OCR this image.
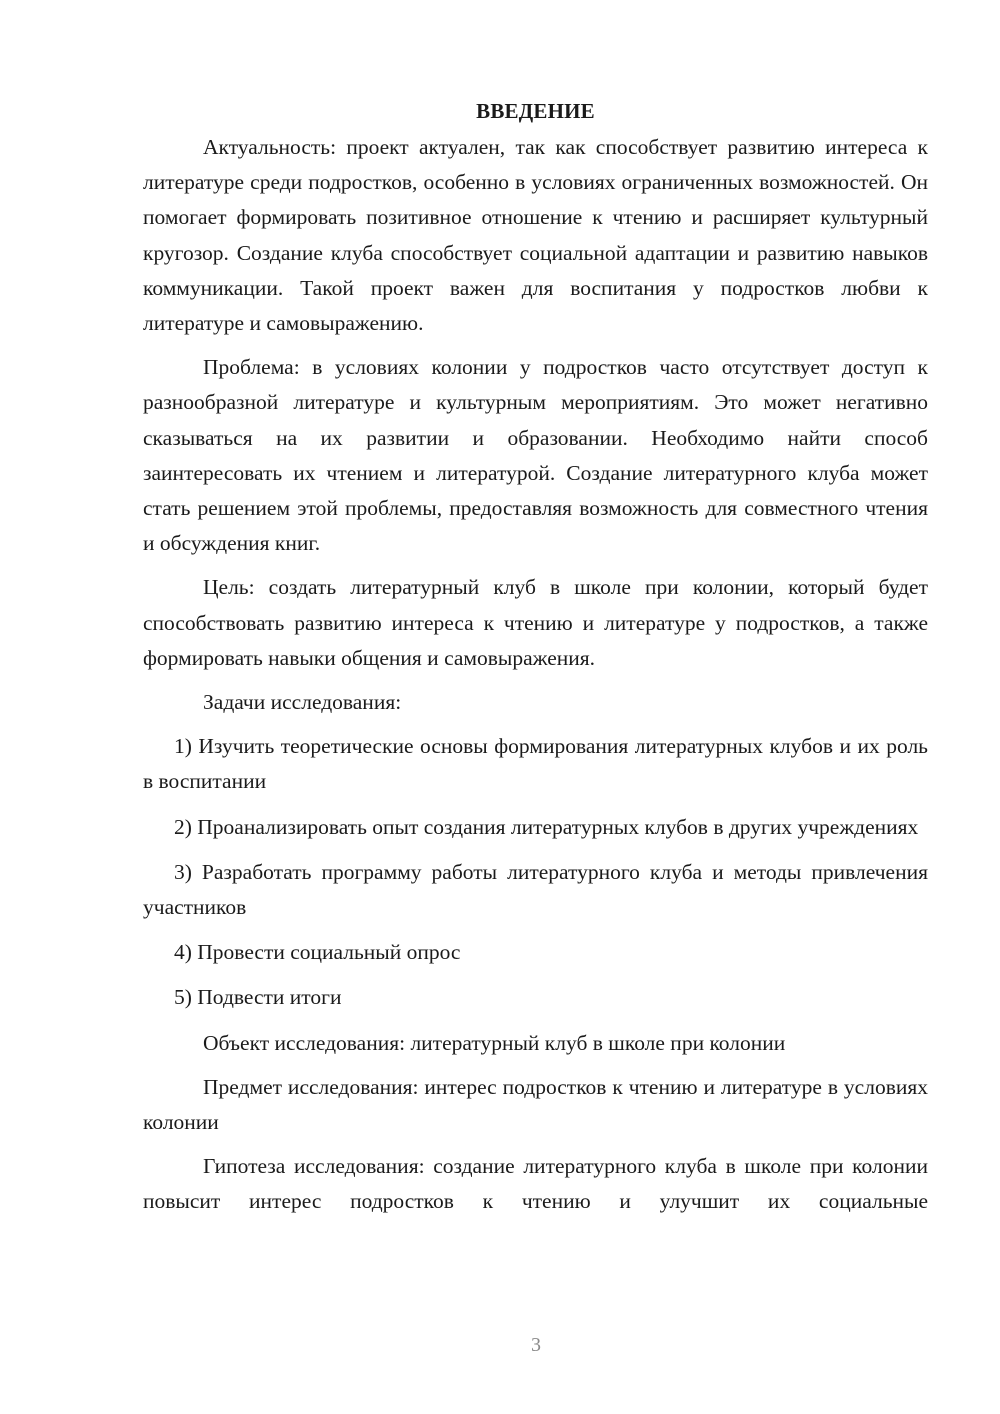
ВВЕДЕНИЕ

Актуальность: проект актуален, так как способствует развитию интереса к литературе среди подростков, особенно в условиях ограниченных возможностей. Он помогает формировать позитивное отношение к чтению и расширяет культурный кругозор. Создание клуба способствует социальной адаптации и развитию навыков коммуникации. Такой проект важен для воспитания у подростков любви к литературе и самовыражению.

Проблема: в условиях колонии у подростков часто отсутствует доступ к разнообразной литературе и культурным мероприятиям. Это может негативно сказываться на их развитии и образовании. Необходимо найти способ заинтересовать их чтением и литературой. Создание литературного клуба может стать решением этой проблемы, предоставляя возможность для совместного чтения и обсуждения книг.

Цель: создать литературный клуб в школе при колонии, который будет способствовать развитию интереса к чтению и литературе у подростков, а также формировать навыки общения и самовыражения.

Задачи исследования:

1) Изучить теоретические основы формирования литературных клубов и их роль в воспитании

2) Проанализировать опыт создания литературных клубов в других учреждениях

3) Разработать программу работы литературного клуба и методы привлечения участников

4) Провести социальный опрос

5) Подвести итоги

Объект исследования: литературный клуб в школе при колонии

Предмет исследования: интерес подростков к чтению и литературе в условиях колонии

Гипотеза исследования: создание литературного клуба в школе при колонии повысит интерес подростков к чтению и улучшит их социальные

3
